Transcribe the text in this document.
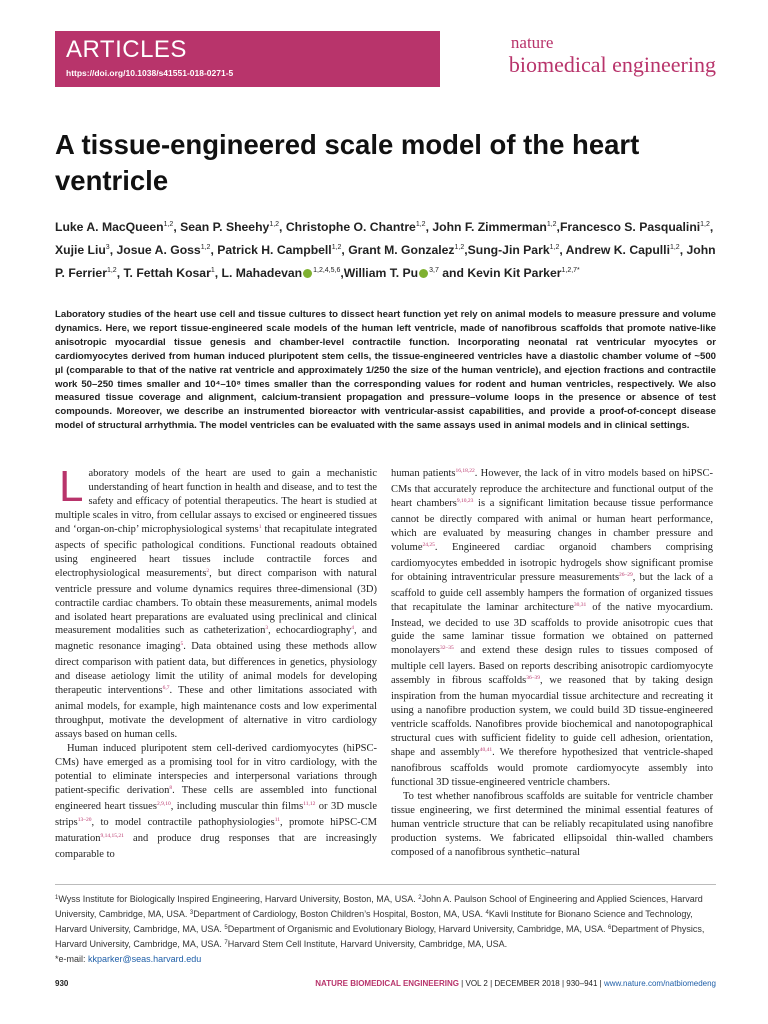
ARTICLES
https://doi.org/10.1038/s41551-018-0271-5
nature
biomedical engineering
A tissue-engineered scale model of the heart ventricle
Luke A. MacQueen$^{1,2}$, Sean P. Sheehy$^{1,2}$, Christophe O. Chantre$^{1,2}$, John F. Zimmerman$^{1,2}$,Francesco S. Pasqualini$^{1,2}$, Xujie Liu$^3$, Josue A. Goss$^{1,2}$, Patrick H. Campbell$^{1,2}$, Grant M. Gonzalez$^{1,2}$,Sung-Jin Park$^{1,2}$, Andrew K. Capulli$^{1,2}$, John P. Ferrier$^{1,2}$, T. Fettah Kosar$^1$, L. Mahadevan $^{1,2,4,5,6}$,William T. Pu $^{3,7}$ and Kevin Kit Parker$^{1,2,7*}$
Laboratory studies of the heart use cell and tissue cultures to dissect heart function yet rely on animal models to measure pressure and volume dynamics. Here, we report tissue-engineered scale models of the human left ventricle, made of nanofibrous scaffolds that promote native-like anisotropic myocardial tissue genesis and chamber-level contractile function. Incorporating neonatal rat ventricular myocytes or cardiomyocytes derived from human induced pluripotent stem cells, the tissue-engineered ventricles have a diastolic chamber volume of ~500 µl (comparable to that of the native rat ventricle and approximately 1/250 the size of the human ventricle), and ejection fractions and contractile work 50–250 times smaller and 10⁴–10⁸ times smaller than the corresponding values for rodent and human ventricles, respectively. We also measured tissue coverage and alignment, calcium-transient propagation and pressure–volume loops in the presence or absence of test compounds. Moreover, we describe an instrumented bioreactor with ventricular-assist capabilities, and provide a proof-of-concept disease model of structural arrhythmia. The model ventricles can be evaluated with the same assays used in animal models and in clinical settings.

Laboratory models of the heart are used to gain a mechanistic understanding of heart function in health and disease, and to test the safety and efficacy of potential therapeutics. The heart is studied at multiple scales in vitro, from cellular assays to excised or engineered tissues and ‘organ-on-chip’ microphysiological systems$^1$ that recapitulate integrated aspects of specific pathological conditions. Functional readouts obtained using engineered heart tissues include contractile forces and electrophysiological measurements$^2$, but direct comparison with natural ventricle pressure and volume dynamics requires three-dimensional (3D) contractile cardiac chambers. To obtain these measurements, animal models and isolated heart preparations are evaluated using preclinical and clinical measurement modalities such as catheterization$^3$, echocardiography$^4$, and magnetic resonance imaging$^5$. Data obtained using these methods allow direct comparison with patient data, but differences in genetics, physiology and disease aetiology limit the utility of animal models for developing therapeutic interventions$^{6,7}$. These and other limitations associated with animal models, for example, high maintenance costs and low experimental throughput, motivate the development of alternative in vitro cardiology assays based on human cells.

Human induced pluripotent stem cell-derived cardiomyocytes (hiPSC-CMs) have emerged as a promising tool for in vitro cardiology, with the potential to eliminate interspecies and interpersonal variations through patient-specific derivation$^8$. These cells are assembled into functional engineered heart tissues$^{2,9,10}$, including muscular thin films$^{11,12}$ or 3D muscle strips$^{13-20}$, to model contractile pathophysiologies$^{11}$, promote hiPSC-CM maturation$^{9,14,15,21}$ and produce drug responses that are increasingly comparable to

human patients$^{16,18,22}$. However, the lack of in vitro models based on hiPSC-CMs that accurately reproduce the architecture and functional output of the heart chambers$^{9,10,23}$ is a significant limitation because tissue performance cannot be directly compared with animal or human heart performance, which are evaluated by measuring changes in chamber pressure and volume$^{24,25}$. Engineered cardiac organoid chambers comprising cardiomyocytes embedded in isotropic hydrogels show significant promise for obtaining intraventricular pressure measurements$^{26-29}$, but the lack of a scaffold to guide cell assembly hampers the formation of organized tissues that recapitulate the laminar architecture$^{30,31}$ of the native myocardium. Instead, we decided to use 3D scaffolds to provide anisotropic cues that guide the same laminar tissue formation we obtained on patterned monolayers$^{32-35}$ and extend these design rules to tissues composed of multiple cell layers. Based on reports describing anisotropic cardiomyocyte assembly in fibrous scaffolds$^{36-39}$, we reasoned that by taking design inspiration from the human myocardial tissue architecture and recreating it using a nanofibre production system, we could build 3D tissue-engineered ventricle scaffolds. Nanofibres provide biochemical and nanotopographical structural cues with sufficient fidelity to guide cell adhesion, orientation, shape and assembly$^{40,41}$. We therefore hypothesized that ventricle-shaped nanofibrous scaffolds would promote cardiomyocyte assembly into functional 3D tissue-engineered ventricle chambers.

To test whether nanofibrous scaffolds are suitable for ventricle chamber tissue engineering, we first determined the minimal essential features of human ventricle structure that can be reliably recapitulated using nanofibre production systems. We fabricated ellipsoidal thin-walled chambers composed of a nanofibrous synthetic–natural

$^1$Wyss Institute for Biologically Inspired Engineering, Harvard University, Boston, MA, USA. $^2$John A. Paulson School of Engineering and Applied Sciences, Harvard University, Cambridge, MA, USA. $^3$Department of Cardiology, Boston Children’s Hospital, Boston, MA, USA. $^4$Kavli Institute for Bionano Science and Technology, Harvard University, Cambridge, MA, USA. $^5$Department of Organismic and Evolutionary Biology, Harvard University, Cambridge, MA, USA. $^6$Department of Physics, Harvard University, Cambridge, MA, USA. $^7$Harvard Stem Cell Institute, Harvard University, Cambridge, MA, USA.
*e-mail: kkparker@seas.harvard.edu
930	NATURE BIOMEDICAL ENGINEERING | VOL 2 | DECEMBER 2018 | 930–941 | www.nature.com/natbiomedeng
